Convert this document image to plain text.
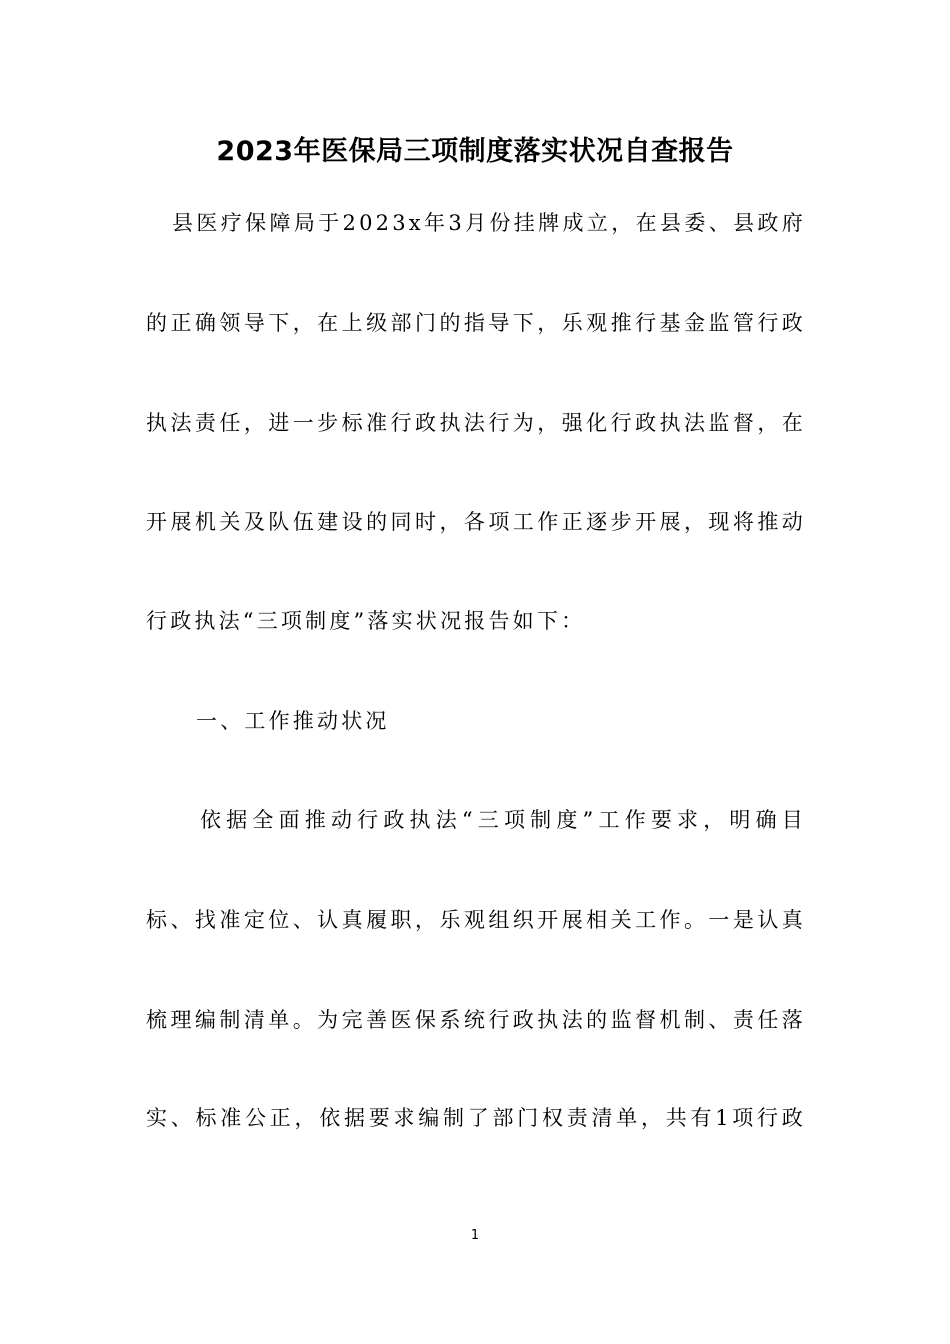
2023年医保局三项制度落实状况自查报告
县医疗保障局于2023x年3月份挂牌成立，在县委、县政府
的正确领导下，在上级部门的指导下，乐观推行基金监管行政
执法责任，进一步标准行政执法行为，强化行政执法监督，在
开展机关及队伍建设的同时，各项工作正逐步开展，现将推动
行政执法“三项制度”落实状况报告如下：
一、工作推动状况
依据全面推动行政执法“三项制度”工作要求，明确目
标、找准定位、认真履职，乐观组织开展相关工作。一是认真
梳理编制清单。为完善医保系统行政执法的监督机制、责任落
实、标准公正，依据要求编制了部门权责清单，共有1项行政
1
